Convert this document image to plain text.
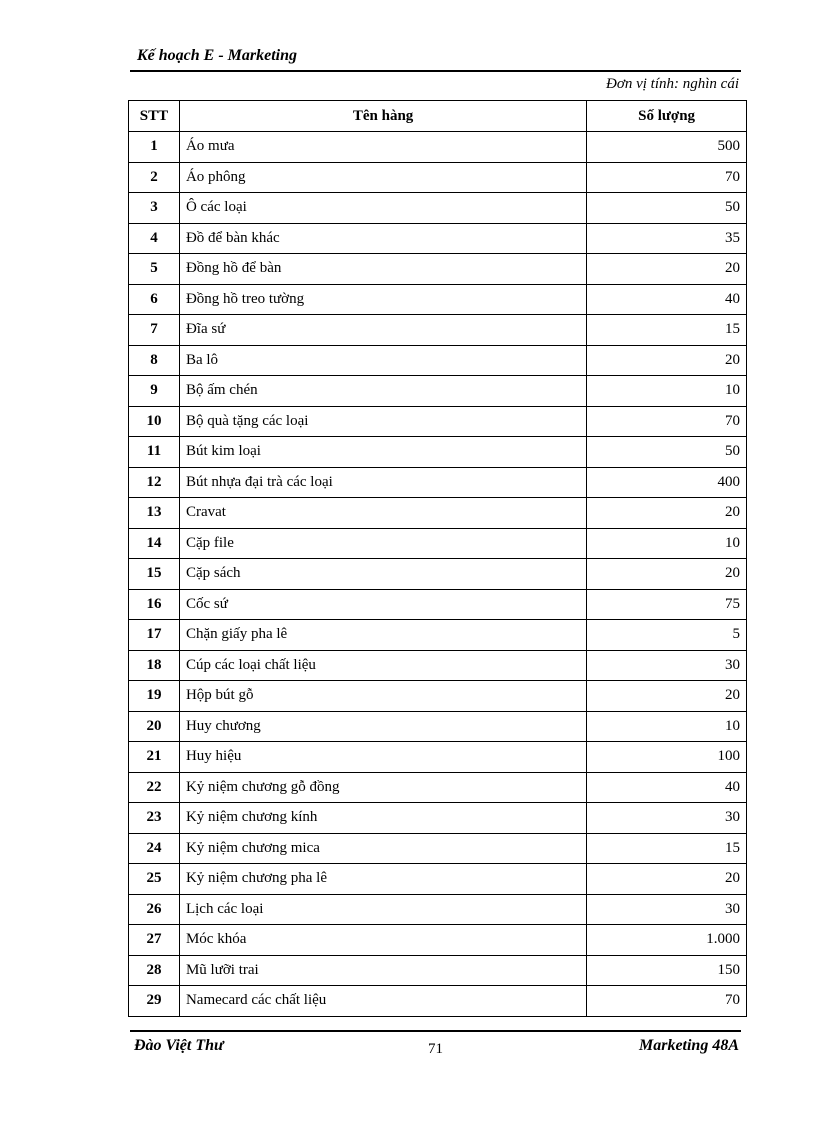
Kế hoạch E - Marketing
Đơn vị tính: nghìn cái
STT	Tên hàng	Số lượng
1	Áo mưa	500
2	Áo phông	70
3	Ô các loại	50
4	Đồ để bàn khác	35
5	Đồng hồ để bàn	20
6	Đồng hồ treo tường	40
7	Đĩa sứ	15
8	Ba lô	20
9	Bộ ấm chén	10
10	Bộ quà tặng các loại	70
11	Bút kim loại	50
12	Bút nhựa đại trà các loại	400
13	Cravat	20
14	Cặp file	10
15	Cặp sách	20
16	Cốc sứ	75
17	Chặn giấy pha lê	5
18	Cúp các loại chất liệu	30
19	Hộp bút gỗ	20
20	Huy chương	10
21	Huy hiệu	100
22	Kỷ niệm chương gỗ đồng	40
23	Kỷ niệm chương kính	30
24	Kỷ niệm chương mica	15
25	Kỷ niệm chương pha lê	20
26	Lịch các loại	30
27	Móc khóa	1.000
28	Mũ lưỡi trai	150
29	Namecard các chất liệu	70
Đào Việt Thư	71	Marketing 48A
